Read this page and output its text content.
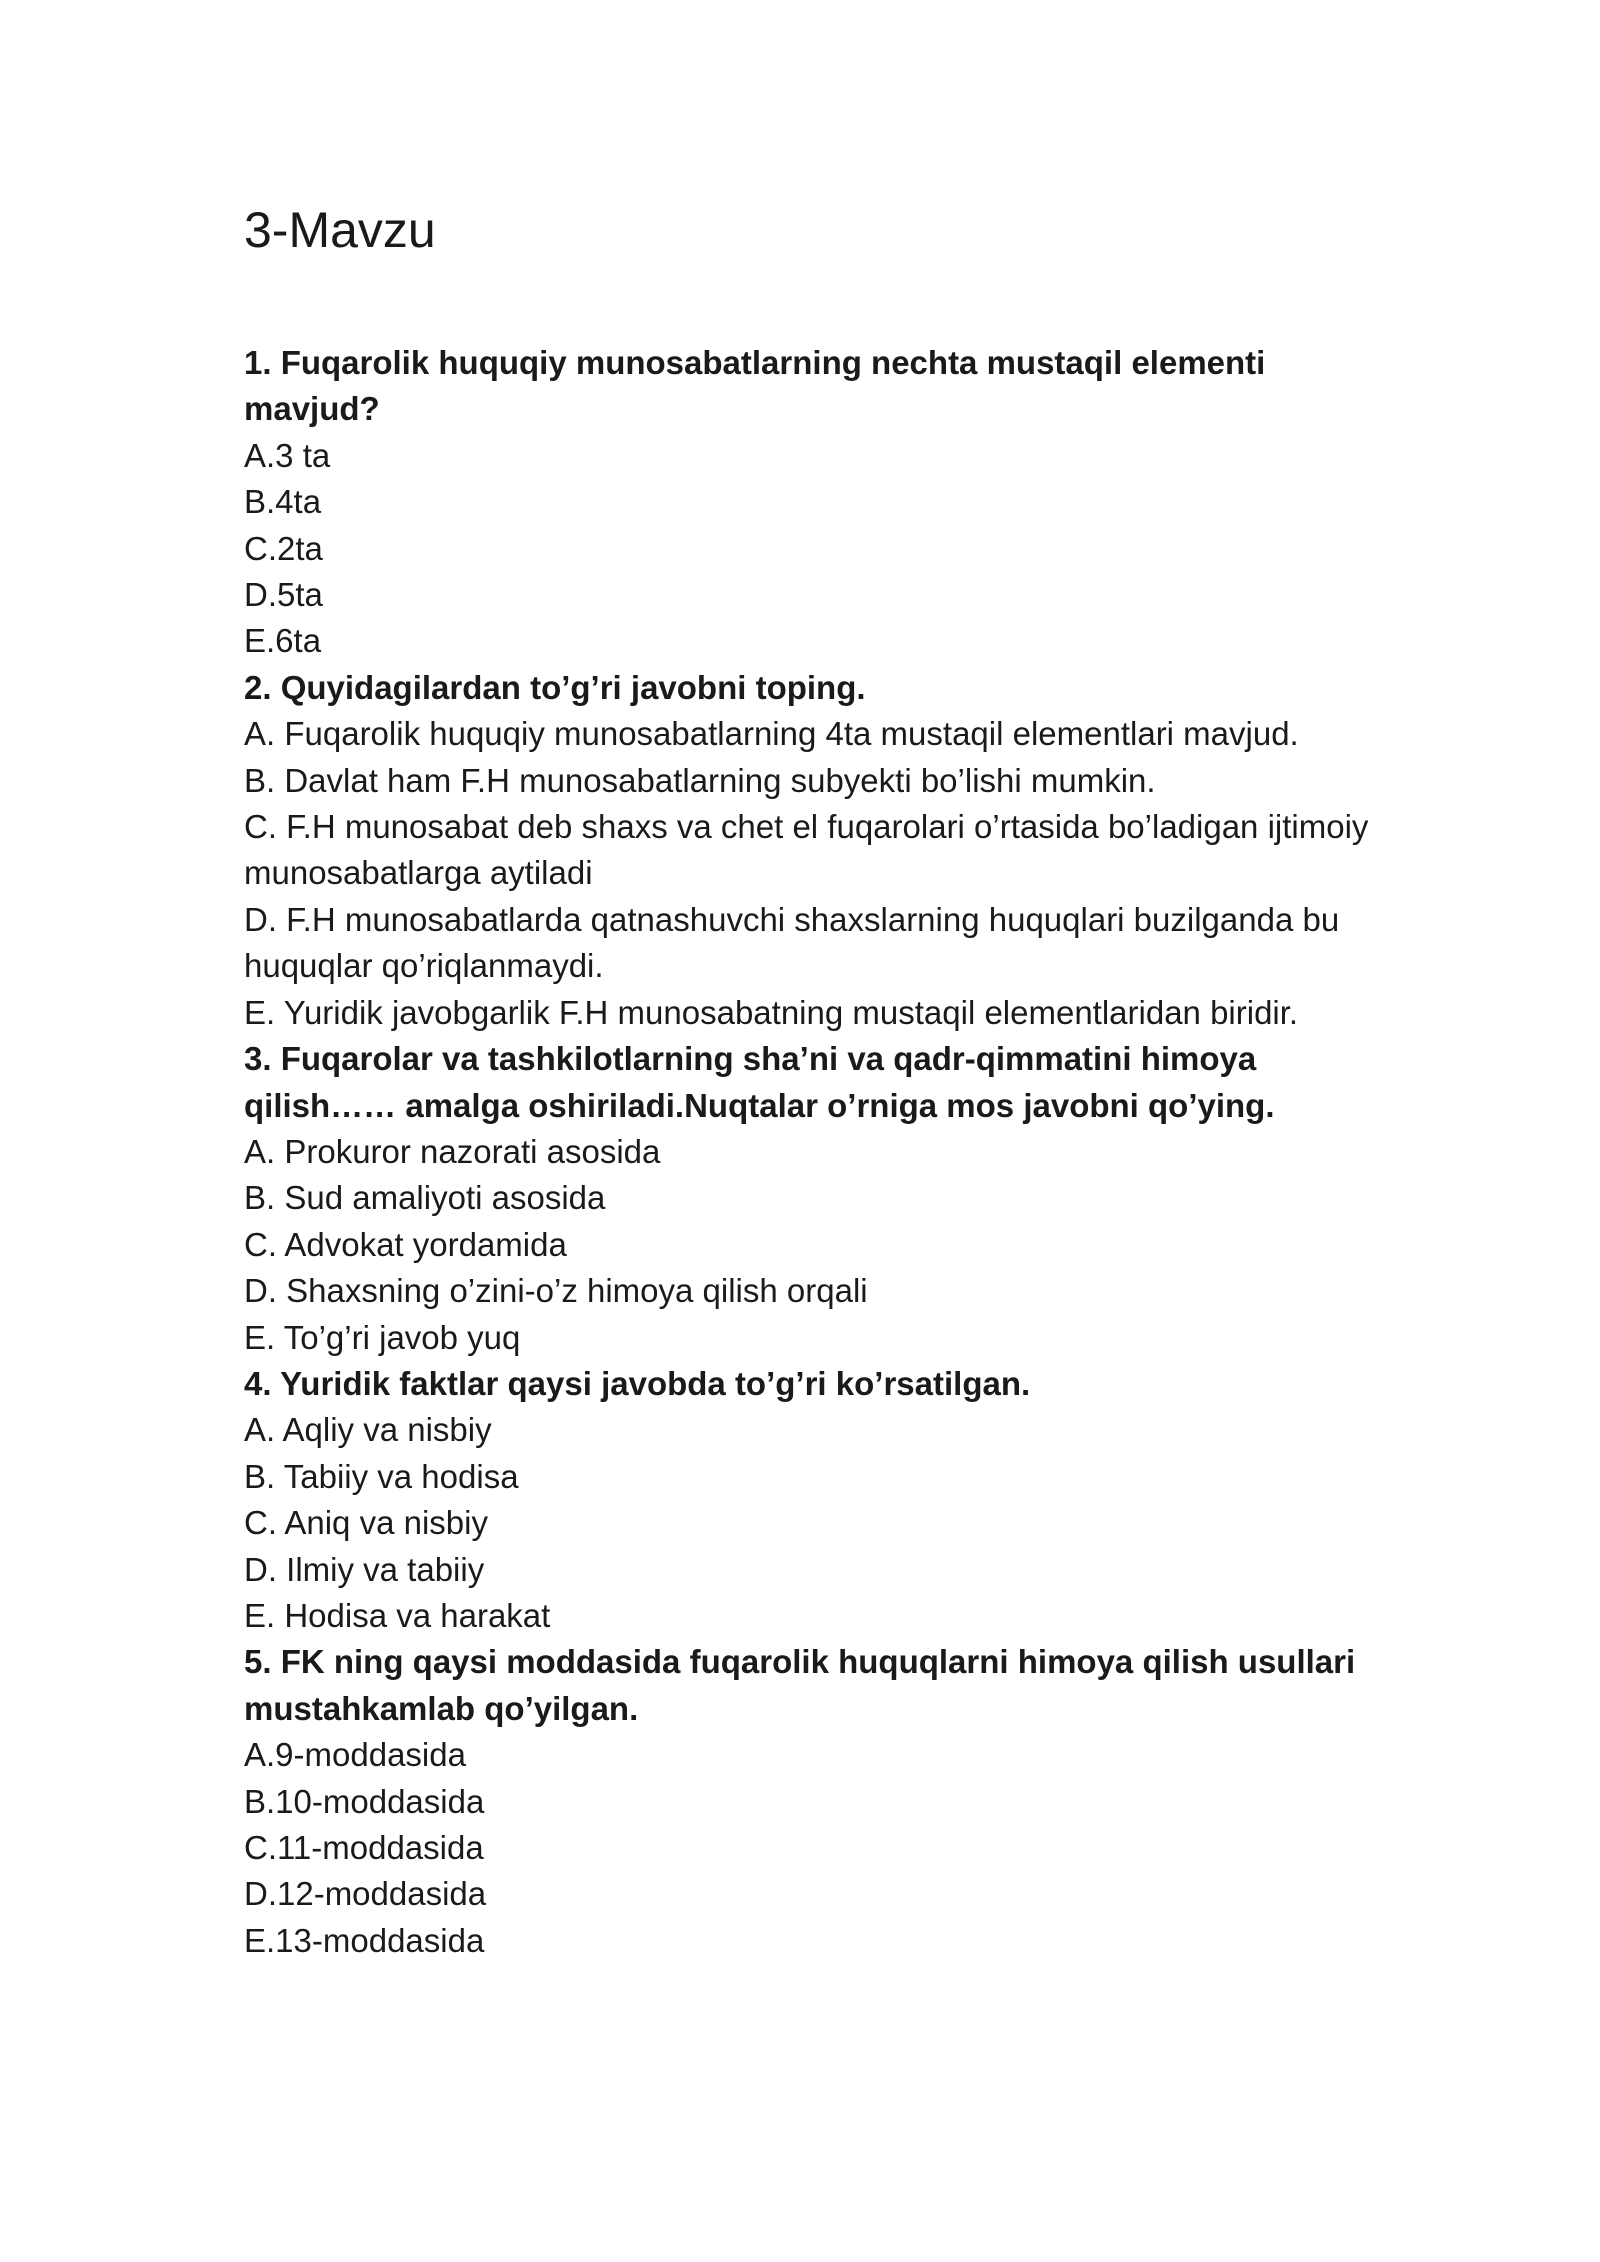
3-Mavzu

1. Fuqarolik huquqiy munosabatlarning nechta mustaqil elementi mavjud?

A.3 ta

B.4ta

C.2ta

D.5ta

E.6ta

2. Quyidagilardan to’g’ri javobni toping.

A. Fuqarolik huquqiy munosabatlarning 4ta mustaqil elementlari mavjud.

B. Davlat ham F.H munosabatlarning subyekti bo’lishi mumkin.

C. F.H munosabat deb shaxs va chet el fuqarolari o’rtasida bo’ladigan ijtimoiy munosabatlarga aytiladi

D. F.H munosabatlarda qatnashuvchi shaxslarning huquqlari buzilganda bu huquqlar qo’riqlanmaydi.

E. Yuridik javobgarlik F.H munosabatning mustaqil elementlaridan biridir.

3. Fuqarolar va tashkilotlarning sha’ni va qadr-qimmatini himoya qilish…… amalga oshiriladi.Nuqtalar o’rniga mos javobni qo’ying.

A. Prokuror nazorati asosida

B. Sud amaliyoti asosida

C. Advokat yordamida

D. Shaxsning o’zini-o’z himoya qilish orqali

E. To’g’ri javob yuq

4. Yuridik faktlar qaysi javobda to’g’ri ko’rsatilgan.

A. Aqliy va nisbiy

B. Tabiiy va hodisa

C. Aniq va nisbiy

D. Ilmiy va tabiiy

E. Hodisa va harakat

5. FK ning qaysi moddasida fuqarolik huquqlarni himoya qilish usullari mustahkamlab qo’yilgan.

A.9-moddasida

B.10-moddasida

C.11-moddasida

D.12-moddasida

E.13-moddasida
